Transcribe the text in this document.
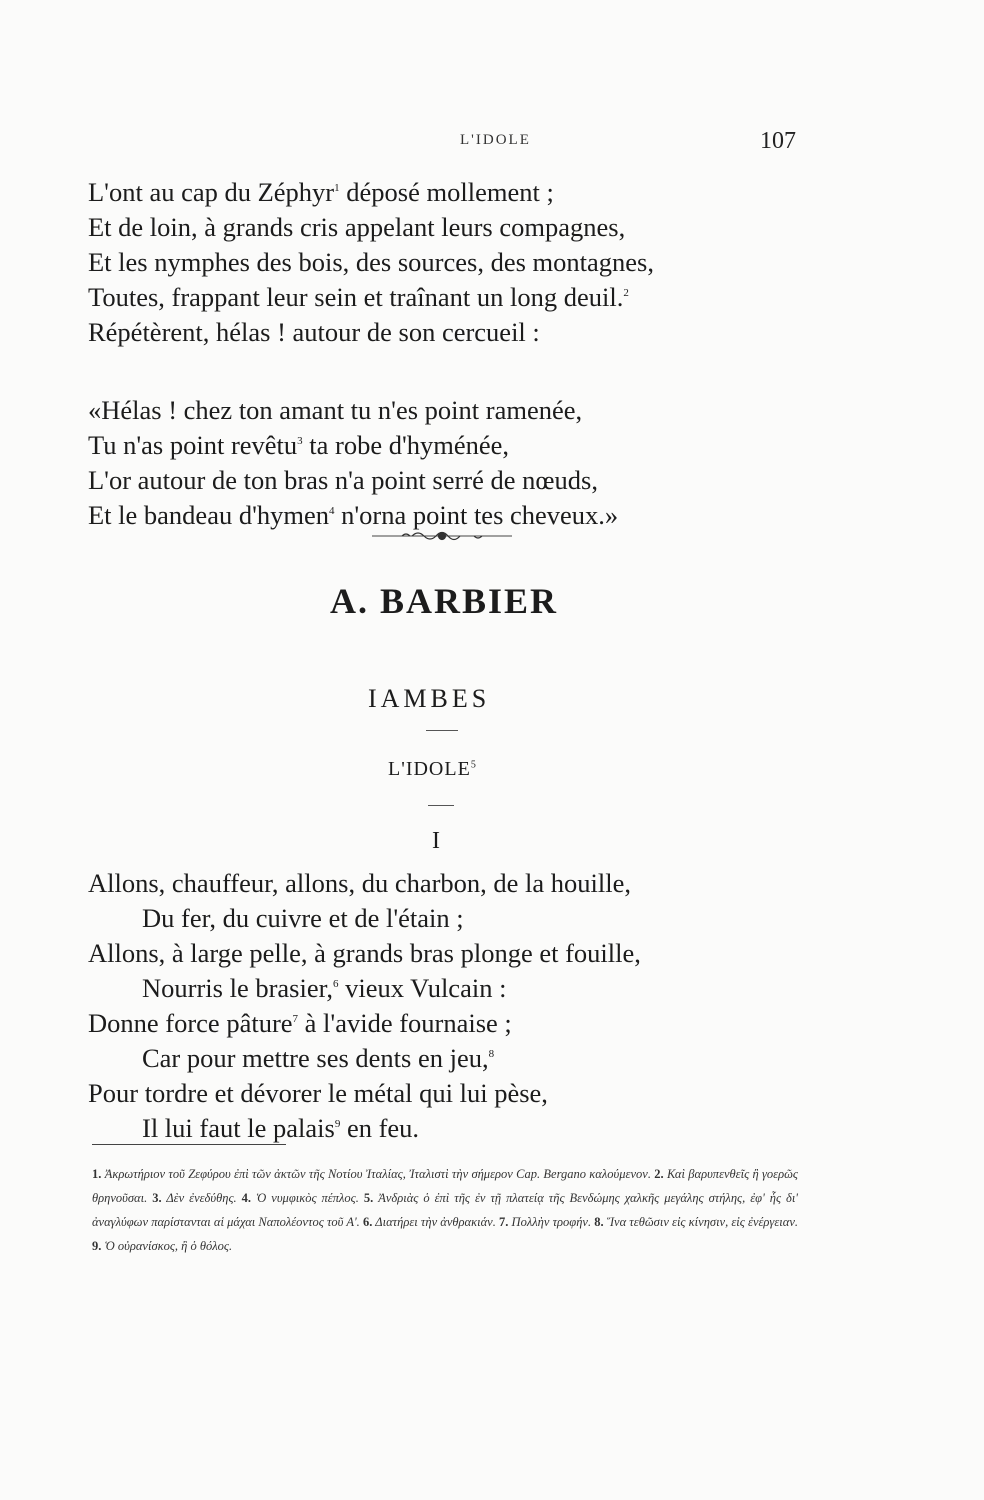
L'IDOLE	107
L'ont au cap du Zéphyr$^1$ déposé mollement ;
Et de loin, à grands cris appelant leurs compagnes,
Et les nymphes des bois, des sources, des montagnes,
Toutes, frappant leur sein et traînant un long deuil.$^2$
Répétèrent, hélas ! autour de son cercueil :
«Hélas ! chez ton amant tu n'es point ramenée,
Tu n'as point revêtu$^3$ ta robe d'hyménée,
L'or autour de ton bras n'a point serré de nœuds,
Et le bandeau d'hymen$^4$ n'orna point tes cheveux.»
A. BARBIER
IAMBES
L'IDOLE$^5$
I
Allons, chauffeur, allons, du charbon, de la houille,
Du fer, du cuivre et de l'étain ;
Allons, à large pelle, à grands bras plonge et fouille,
Nourris le brasier,$^6$ vieux Vulcain :
Donne force pâture$^7$ à l'avide fournaise ;
Car pour mettre ses dents en jeu,$^8$
Pour tordre et dévorer le métal qui lui pèse,
Il lui faut le palais$^9$ en feu.
1. Ἀκρωτήριον τοῦ Ζεφύρου ἐπὶ τῶν ἀκτῶν τῆς Νοτίου Ἰταλίας, Ἰταλιστὶ τὴν σήμερον Cap. Bergano καλούμενον. 2. Καὶ βαρυπενθεῖς ἢ γοερῶς θρηνοῦσαι. 3. Δὲν ἐνεδύθης. 4. Ὁ νυμφικὸς πέπλος. 5. Ἀνδριὰς ὁ ἐπὶ τῆς ἐν τῇ πλατείᾳ τῆς Βενδώμης χαλκῆς μεγάλης στήλης, ἐφ' ἧς δι' ἀναγλύφων παρίστανται αἱ μάχαι Ναπολέοντος τοῦ Α'. 6. Διατήρει τὴν ἀνθρακιάν. 7. Πολλὴν τροφήν. 8. Ἵνα τεθῶσιν εἰς κίνησιν, εἰς ἐνέργειαν. 9. Ὁ οὐρανίσκος, ἢ ὁ θόλος.
